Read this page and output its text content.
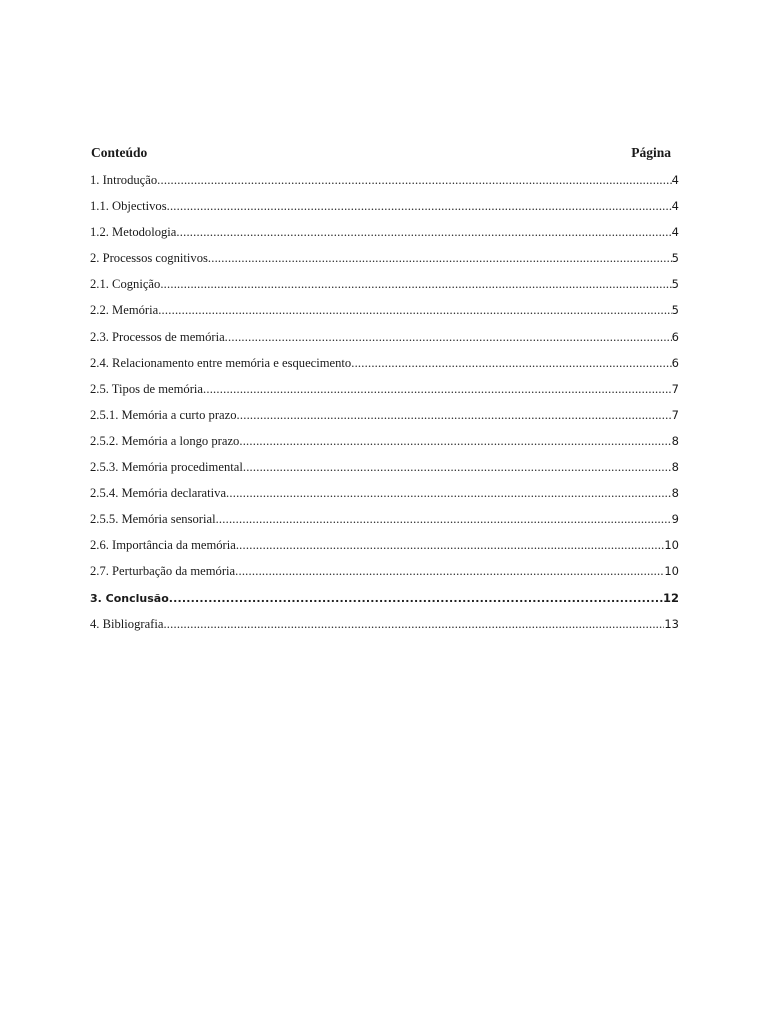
Conteúdo	Página
1. Introdução .....	4
1.1. Objectivos .....	4
1.2. Metodologia .....	4
2. Processos cognitivos .....	5
2.1. Cognição .....	5
2.2. Memória .....	5
2.3. Processos de memória .....	6
2.4. Relacionamento entre memória e esquecimento .....	6
2.5. Tipos de memória .....	7
2.5.1. Memória a curto prazo .....	7
2.5.2. Memória a longo prazo .....	8
2.5.3. Memória procedimental .....	8
2.5.4. Memória declarativa .....	8
2.5.5. Memória sensorial .....	9
2.6. Importância da memória .....	10
2.7. Perturbação da memória .....	10
3. Conclusão .....	12
4. Bibliografia .....	13
